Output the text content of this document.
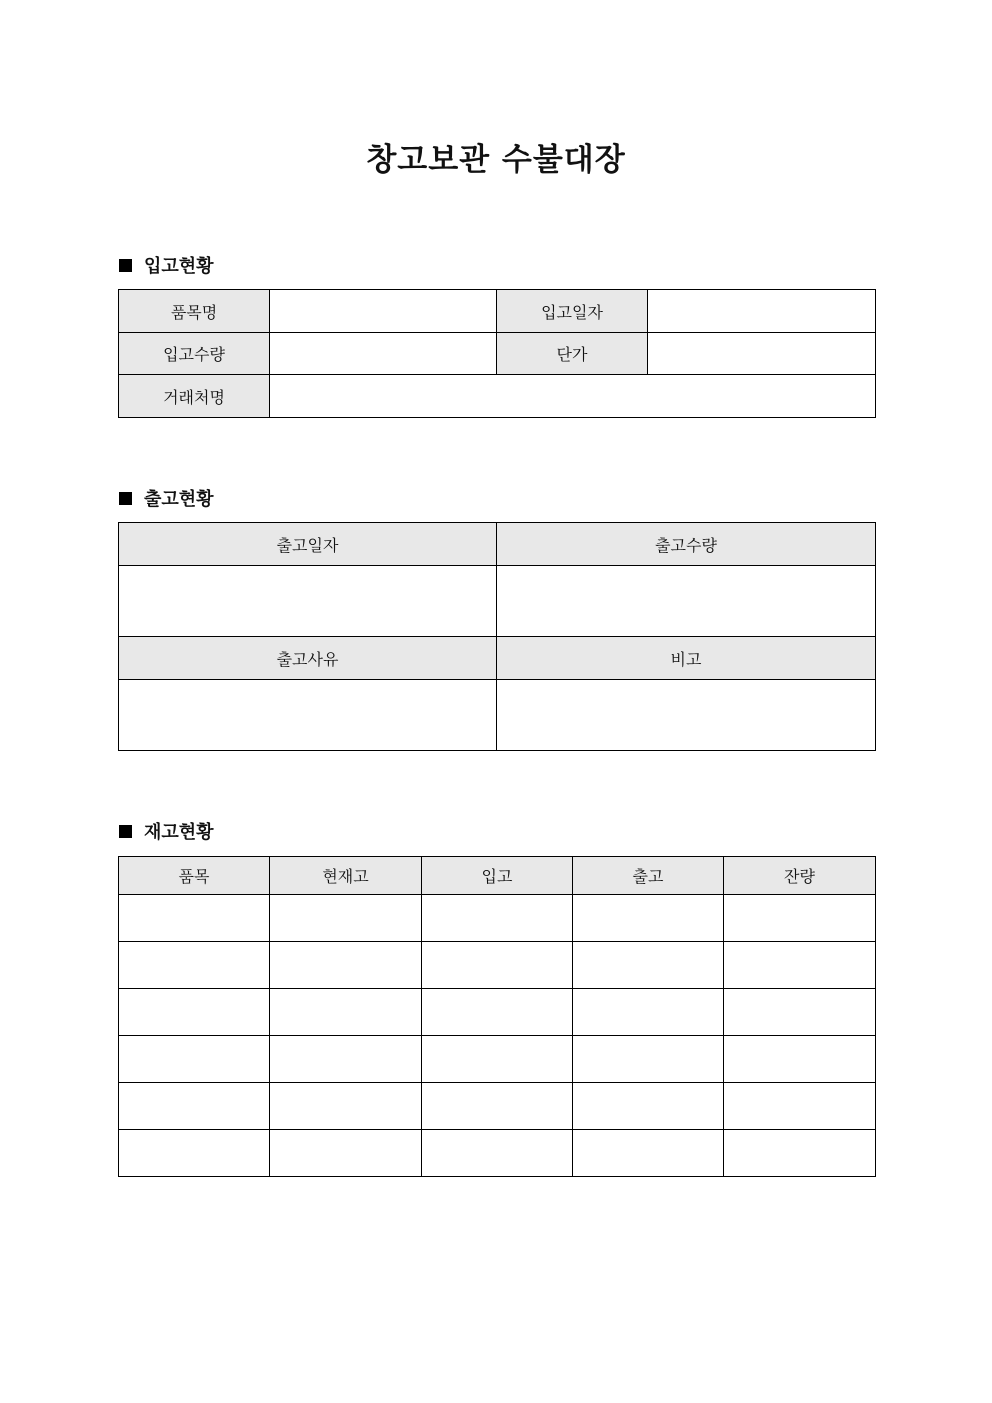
창고보관 수불대장
입고현황
품목명		입고일자	
입고수량		단가	
거래처명			
출고현황
출고일자	출고수량

출고사유	비고

재고현황
품목	현재고	입고	출고	잔량
